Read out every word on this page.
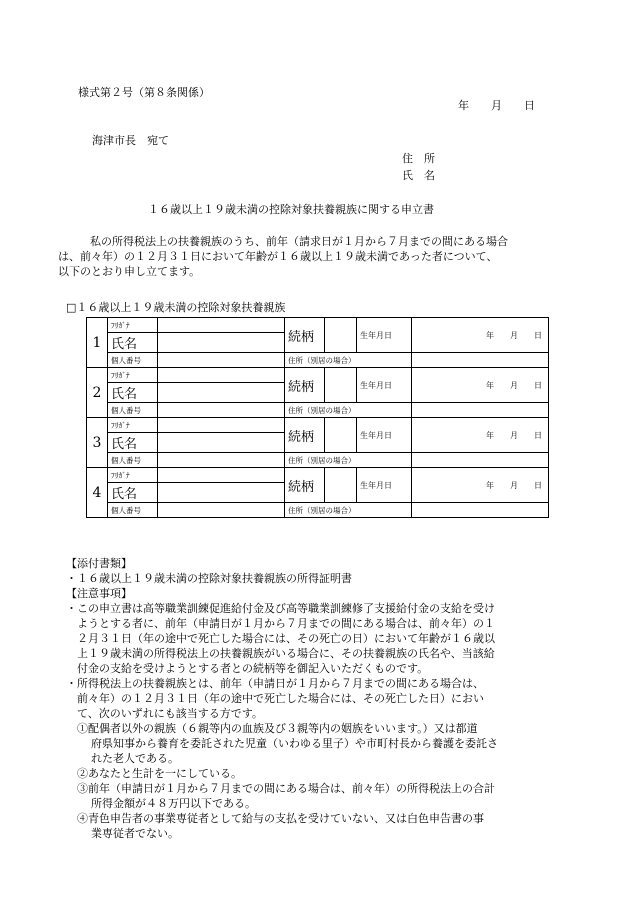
様式第２号（第８条関係）
年　　月　　日
海津市長　宛て
住　所
氏　名
１６歳以上１９歳未満の控除対象扶養親族に関する申立書
私の所得税法上の扶養親族のうち、前年（請求日が１月から７月までの間にある場合
は、前々年）の１２月３１日において年齢が１６歳以上１９歳未満であった者について、
以下のとおり申し立てます。
□１６歳以上１９歳未満の控除対象扶養親族
1	ﾌﾘｶﾞﾅ		続柄		生年月日	年　　月　　日
	氏名					
	個人番号		住所（別居の場合）			
2	ﾌﾘｶﾞﾅ		続柄		生年月日	年　　月　　日
	氏名					
	個人番号		住所（別居の場合）			
3	ﾌﾘｶﾞﾅ		続柄		生年月日	年　　月　　日
	氏名					
	個人番号		住所（別居の場合）			
4	ﾌﾘｶﾞﾅ		続柄		生年月日	年　　月　　日
	氏名					
	個人番号		住所（別居の場合）			
【添付書類】
・１６歳以上１９歳未満の控除対象扶養親族の所得証明書
【注意事項】
・この申立書は高等職業訓練促進給付金及び高等職業訓練修了支援給付金の支給を受け
ようとする者に、前年（申請日が１月から７月までの間にある場合は、前々年）の１
２月３１日（年の途中で死亡した場合には、その死亡の日）において年齢が１６歳以
上１９歳未満の所得税法上の扶養親族がいる場合に、その扶養親族の氏名や、当該給
付金の支給を受けようとする者との続柄等を御記入いただくものです。
・所得税法上の扶養親族とは、前年（申請日が１月から７月までの間にある場合は、
前々年）の１２月３１日（年の途中で死亡した場合には、その死亡した日）におい
て、次のいずれにも該当する方です。
①配偶者以外の親族（６親等内の血族及び３親等内の姻族をいいます。）又は都道
府県知事から養育を委託された児童（いわゆる里子）や市町村長から養護を委託さ
れた老人である。
②あなたと生計を一にしている。
③前年（申請日が１月から７月までの間にある場合は、前々年）の所得税法上の合計
所得金額が４８万円以下である。
④青色申告者の事業専従者として給与の支払を受けていない、又は白色申告書の事
業専従者でない。
